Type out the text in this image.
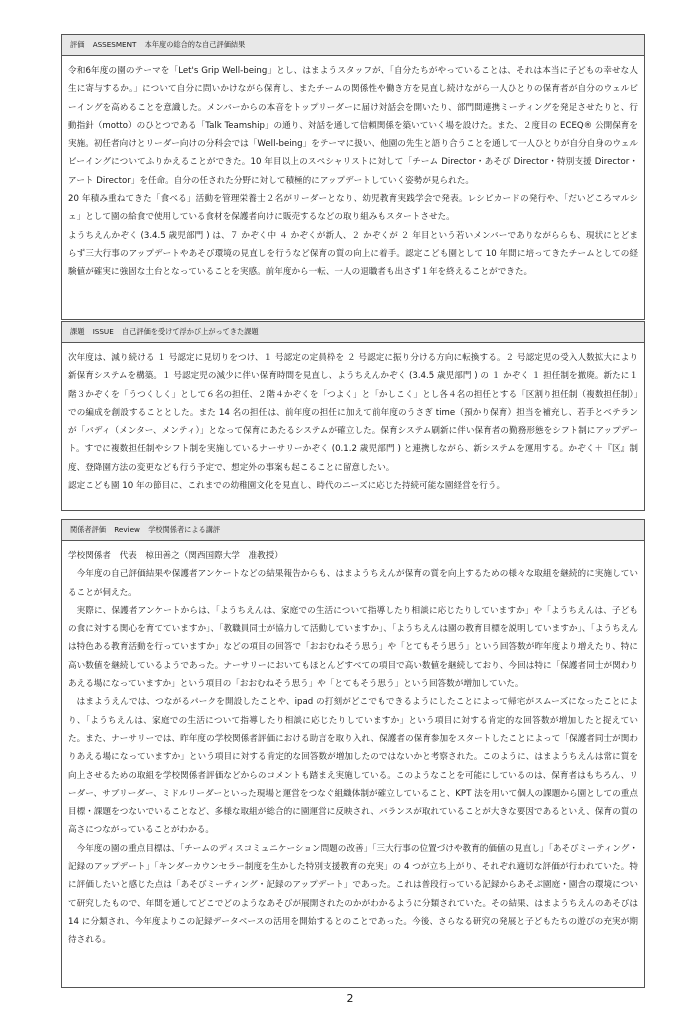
評価 ASSESMENT 本年度の総合的な自己評価結果

令和6年度の園のテーマを「Let's Grip Well-being」とし、はまようスタッフが、「自分たちがやっていることは、それは本当に子どもの幸せな人生に寄与するか。」について自分に問いかけながら保育し、またチームの関係性や働き方を見直し続けながら一人ひとりの保育者が自分のウェルビーイングを高めることを意識した。メンバーからの本音をトップリーダーに届け対話会を開いたり、部門間連携ミーティングを発足させたりと、行動指針（motto）のひとつである「Talk Teamship」の通り、対話を通して信頼関係を築いていく場を設けた。また、２度目の ECEQ® 公開保育を実施。初任者向けとリーダー向けの分科会では「Well-being」をテーマに扱い、他園の先生と語り合うことを通して一人ひとりが自分自身のウェルビーイングについてふりかえることができた。10 年目以上のスペシャリストに対して「チーム Director・あそび Director・特別支援 Director・アート Director」を任命。自分の任された分野に対して積極的にアップデートしていく姿勢が見られた。

20 年積み重ねてきた「食べる」活動を管理栄養士２名がリーダーとなり、幼児教育実践学会で発表。レシピカードの発行や、「だいどころマルシェ」として園の給食で使用している食材を保護者向けに販売するなどの取り組みもスタートさせた。

ようちえんかぞく (3.4.5 歳児部門 ) は、７ かぞく中 ４ かぞくが新人、２ かぞくが ２ 年目という若いメンバーでありながららも、現状にとどまらず三大行事のアップデートやあそび環境の見直しを行うなど保育の質の向上に着手。認定こども園として 10 年間に培ってきたチームとしての経験値が確実に強固な土台となっていることを実感。前年度から一転、一人の退職者も出さず１年を終えることができた。

課題 ISSUE 自己評価を受けて浮かび上がってきた課題

次年度は、減り続ける １ 号認定に見切りをつけ、１ 号認定の定員枠を ２ 号認定に振り分ける方向に転換する。２ 号認定児の受入人数拡大により新保育システムを構築。１ 号認定児の減少に伴い保育時間を見直し、ようちえんかぞく (3.4.5 歳児部門 ) の １ かぞく １ 担任制を撤廃。新たに１階３かぞくを「うつくしく」として６名の担任、２階４かぞくを「つよく」と「かしこく」とし各４名の担任とする「区割り担任制（複数担任制）」での編成を創設することとした。また 14 名の担任は、前年度の担任に加えて前年度のうさぎ time（預かり保育）担当を補充し、若手とベテランが「バディ（メンター、メンティ）」となって保育にあたるシステムが確立した。保育システム刷新に伴い保育者の勤務形態をシフト制にアップデート。すでに複数担任制やシフト制を実施しているナーサリーかぞく (0.1.2 歳児部門 ) と連携しながら、新システムを運用する。かぞく＋『区』制度、登降園方法の変更なども行う予定で、想定外の事案も起こることに留意したい。

認定こども園 10 年の節目に、これまでの幼稚園文化を見直し、時代のニーズに応じた持続可能な園経営を行う。

関係者評価 Review 学校関係者による講評

学校関係者　代表　椋田善之（関西国際大学　准教授）

今年度の自己評価結果や保護者アンケートなどの結果報告からも、はまようちえんが保育の質を向上するための様々な取組を継続的に実施していることが伺えた。

実際に、保護者アンケートからは、「ようちえんは、家庭での生活について指導したり相談に応じたりしていますか」や「ようちえんは、子どもの食に対する関心を育てていますか」、「教職員同士が協力して活動していますか」、「ようちえんは園の教育目標を説明していますか」、「ようちえんは特色ある教育活動を行っていますか」などの項目の回答で「おおむねそう思う」や「とてもそう思う」という回答数が昨年度より増えたり、特に高い数値を継続しているようであった。ナーサリーにおいてもほとんどすべての項目で高い数値を継続しており、今回は特に「保護者同士が関わりあえる場になっていますか」という項目の「おおむねそう思う」や「とてもそう思う」という回答数が増加していた。

はまようえんでは、つながるパークを開設したことや、ipad の打刻がどこでもできるようにしたことによって帰宅がスムーズになったことにより、「ようちえんは、家庭での生活について指導したり相談に応じたりしていますか」という項目に対する肯定的な回答数が増加したと捉えていた。また、ナーサリーでは、昨年度の学校関係者評価における助言を取り入れ、保護者の保育参加をスタートしたことによって「保護者同士が関わりあえる場になっていますか」という項目に対する肯定的な回答数が増加したのではないかと考察された。このように、はまようちえんは常に質を向上させるための取組を学校関係者評価などからのコメントも踏まえ実施している。このようなことを可能にしているのは、保育者はもちろん、リーダー、サブリーダー、ミドルリーダーといった現場と運営をつなぐ組織体制が確立していること、KPT 法を用いて個人の課題から園としての重点目標・課題をつないでいることなど、多様な取組が総合的に園運営に反映され、バランスが取れていることが大きな要因であるといえ、保育の質の高さにつながっていることがわかる。

今年度の園の重点目標は、「チームのディスコミュニケーション問題の改善」「三大行事の位置づけや教育的価値の見直し」「あそびミーティング・記録のアップデート」「キンダーカウンセラー制度を生かした特別支援教育の充実」の 4 つが立ち上がり、それぞれ適切な評価が行われていた。特に評価したいと感じた点は「あそびミーティング・記録のアップデート」であった。これは普段行っている記録からあそぶ園庭・園舎の環境について研究したもので、年間を通してどこでどのようなあそびが展開されたのかがわかるように分類されていた。その結果、はまようちえんのあそびは 14 に分類され、今年度よりこの記録データベースの活用を開始するとのことであった。今後、さらなる研究の発展と子どもたちの遊びの充実が期待される。

2
